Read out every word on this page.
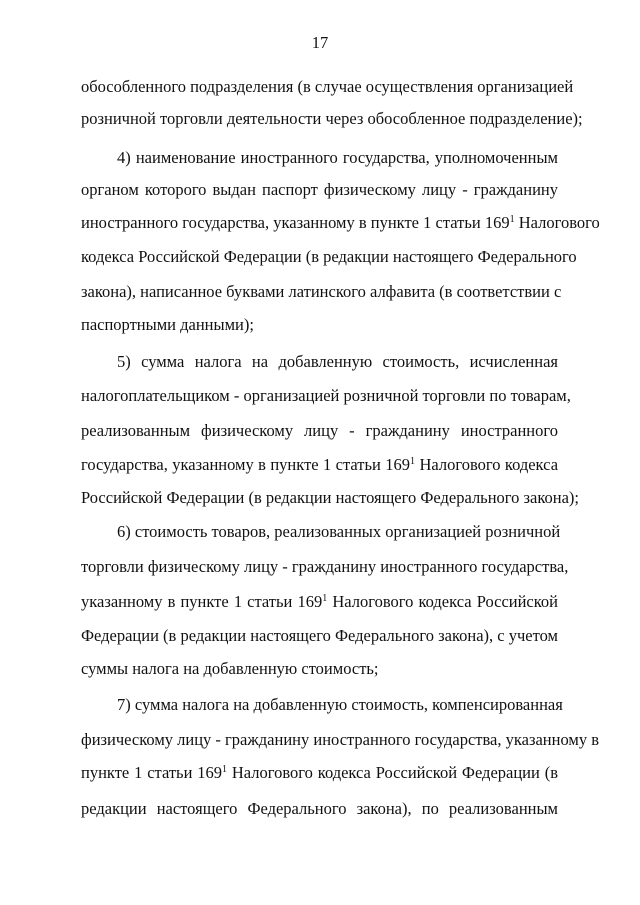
17
обособленного подразделения (в случае осуществления организацией
розничной торговли деятельности через обособленное подразделение);
4) наименование иностранного государства, уполномоченным
органом которого выдан паспорт физическому лицу - гражданину
иностранного государства, указанному в пункте 1 статьи $169^1$ Налогового
кодекса Российской Федерации (в редакции настоящего Федерального
закона), написанное буквами латинского алфавита (в соответствии с
паспортными данными);
5) сумма налога на добавленную стоимость, исчисленная
налогоплательщиком - организацией розничной торговли по товарам,
реализованным физическому лицу - гражданину иностранного
государства, указанному в пункте 1 статьи $169^1$ Налогового кодекса
Российской Федерации (в редакции настоящего Федерального закона);
6) стоимость товаров, реализованных организацией розничной
торговли физическому лицу - гражданину иностранного государства,
указанному в пункте 1 статьи $169^1$ Налогового кодекса Российской
Федерации (в редакции настоящего Федерального закона), с учетом
суммы налога на добавленную стоимость;
7) сумма налога на добавленную стоимость, компенсированная
физическому лицу - гражданину иностранного государства, указанному в
пункте 1 статьи $169^1$ Налогового кодекса Российской Федерации (в
редакции настоящего Федерального закона), по реализованным
